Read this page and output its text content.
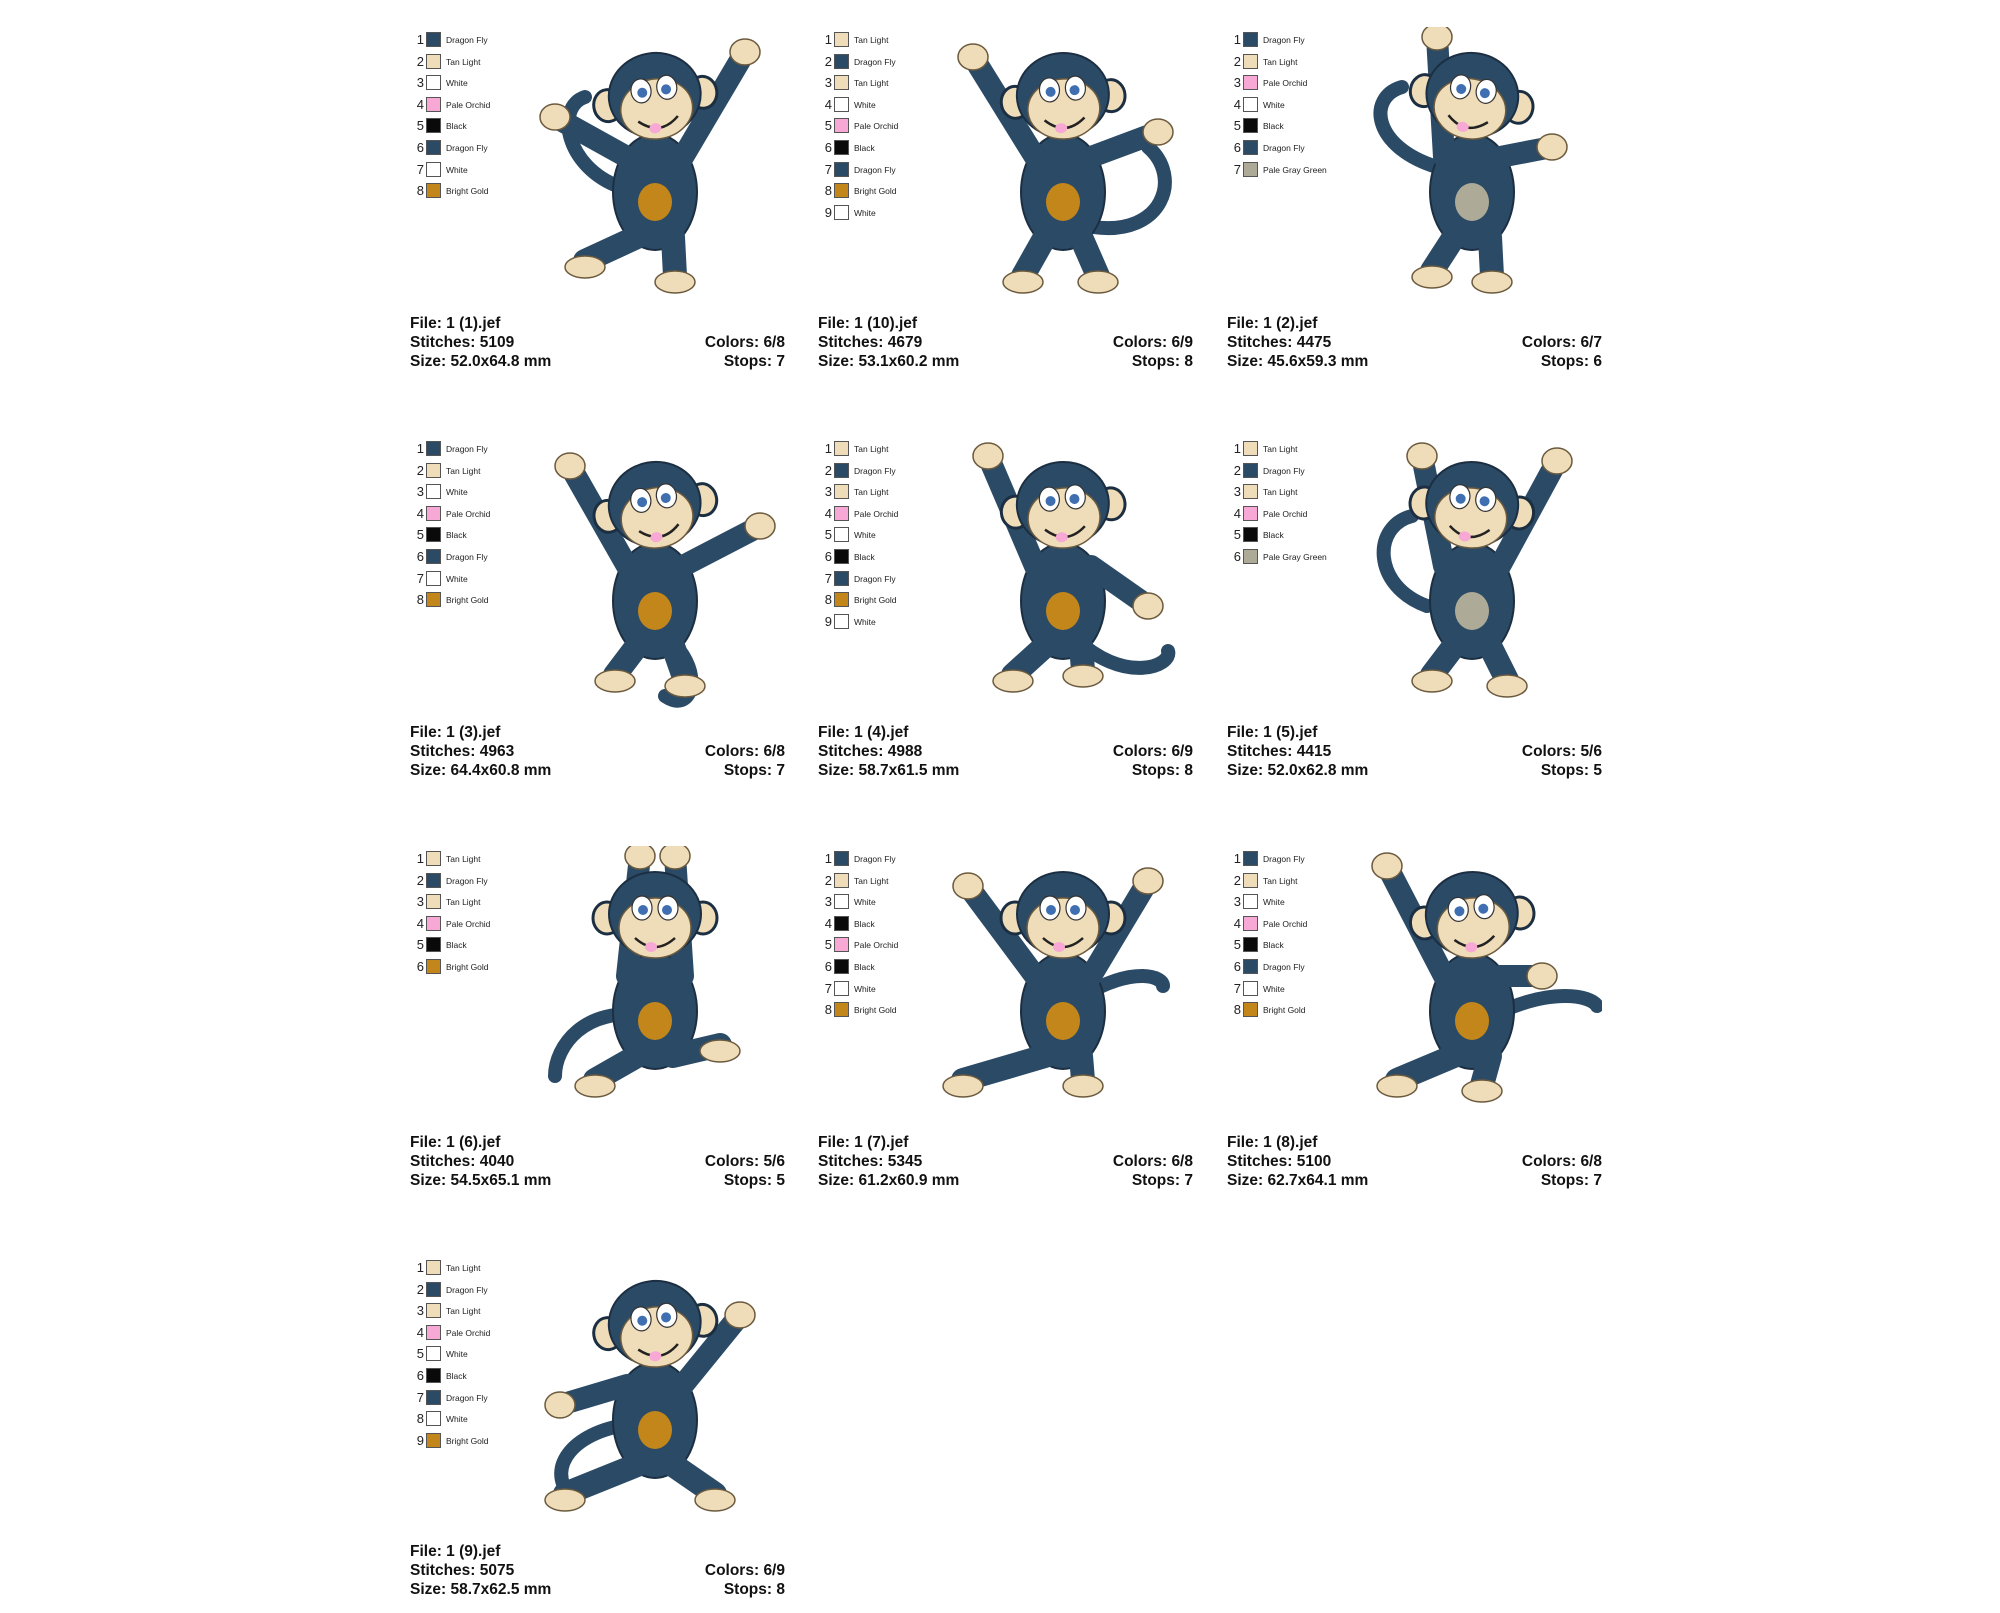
1	Dragon Fly
2	Tan Light
3	White
4	Pale Orchid
5	Black
6	Dragon Fly
7	White
8	Bright Gold
File: 1 (1).jef
Stitches: 5109
Size: 52.0x64.8 mm
Colors: 6/8
Stops: 7
1	Tan Light
2	Dragon Fly
3	Tan Light
4	White
5	Pale Orchid
6	Black
7	Dragon Fly
8	Bright Gold
9	White
File: 1 (10).jef
Stitches: 4679
Size: 53.1x60.2 mm
Colors: 6/9
Stops: 8
1	Dragon Fly
2	Tan Light
3	Pale Orchid
4	White
5	Black
6	Dragon Fly
7	Pale Gray Green
File: 1 (2).jef
Stitches: 4475
Size: 45.6x59.3 mm
Colors: 6/7
Stops: 6
1	Dragon Fly
2	Tan Light
3	White
4	Pale Orchid
5	Black
6	Dragon Fly
7	White
8	Bright Gold
File: 1 (3).jef
Stitches: 4963
Size: 64.4x60.8 mm
Colors: 6/8
Stops: 7
1	Tan Light
2	Dragon Fly
3	Tan Light
4	Pale Orchid
5	White
6	Black
7	Dragon Fly
8	Bright Gold
9	White
File: 1 (4).jef
Stitches: 4988
Size: 58.7x61.5 mm
Colors: 6/9
Stops: 8
1	Tan Light
2	Dragon Fly
3	Tan Light
4	Pale Orchid
5	Black
6	Pale Gray Green
File: 1 (5).jef
Stitches: 4415
Size: 52.0x62.8 mm
Colors: 5/6
Stops: 5
1	Tan Light
2	Dragon Fly
3	Tan Light
4	Pale Orchid
5	Black
6	Bright Gold
File: 1 (6).jef
Stitches: 4040
Size: 54.5x65.1 mm
Colors: 5/6
Stops: 5
1	Dragon Fly
2	Tan Light
3	White
4	Black
5	Pale Orchid
6	Black
7	White
8	Bright Gold
File: 1 (7).jef
Stitches: 5345
Size: 61.2x60.9 mm
Colors: 6/8
Stops: 7
1	Dragon Fly
2	Tan Light
3	White
4	Pale Orchid
5	Black
6	Dragon Fly
7	White
8	Bright Gold
File: 1 (8).jef
Stitches: 5100
Size: 62.7x64.1 mm
Colors: 6/8
Stops: 7
1	Tan Light
2	Dragon Fly
3	Tan Light
4	Pale Orchid
5	White
6	Black
7	Dragon Fly
8	White
9	Bright Gold
File: 1 (9).jef
Stitches: 5075
Size: 58.7x62.5 mm
Colors: 6/9
Stops: 8
